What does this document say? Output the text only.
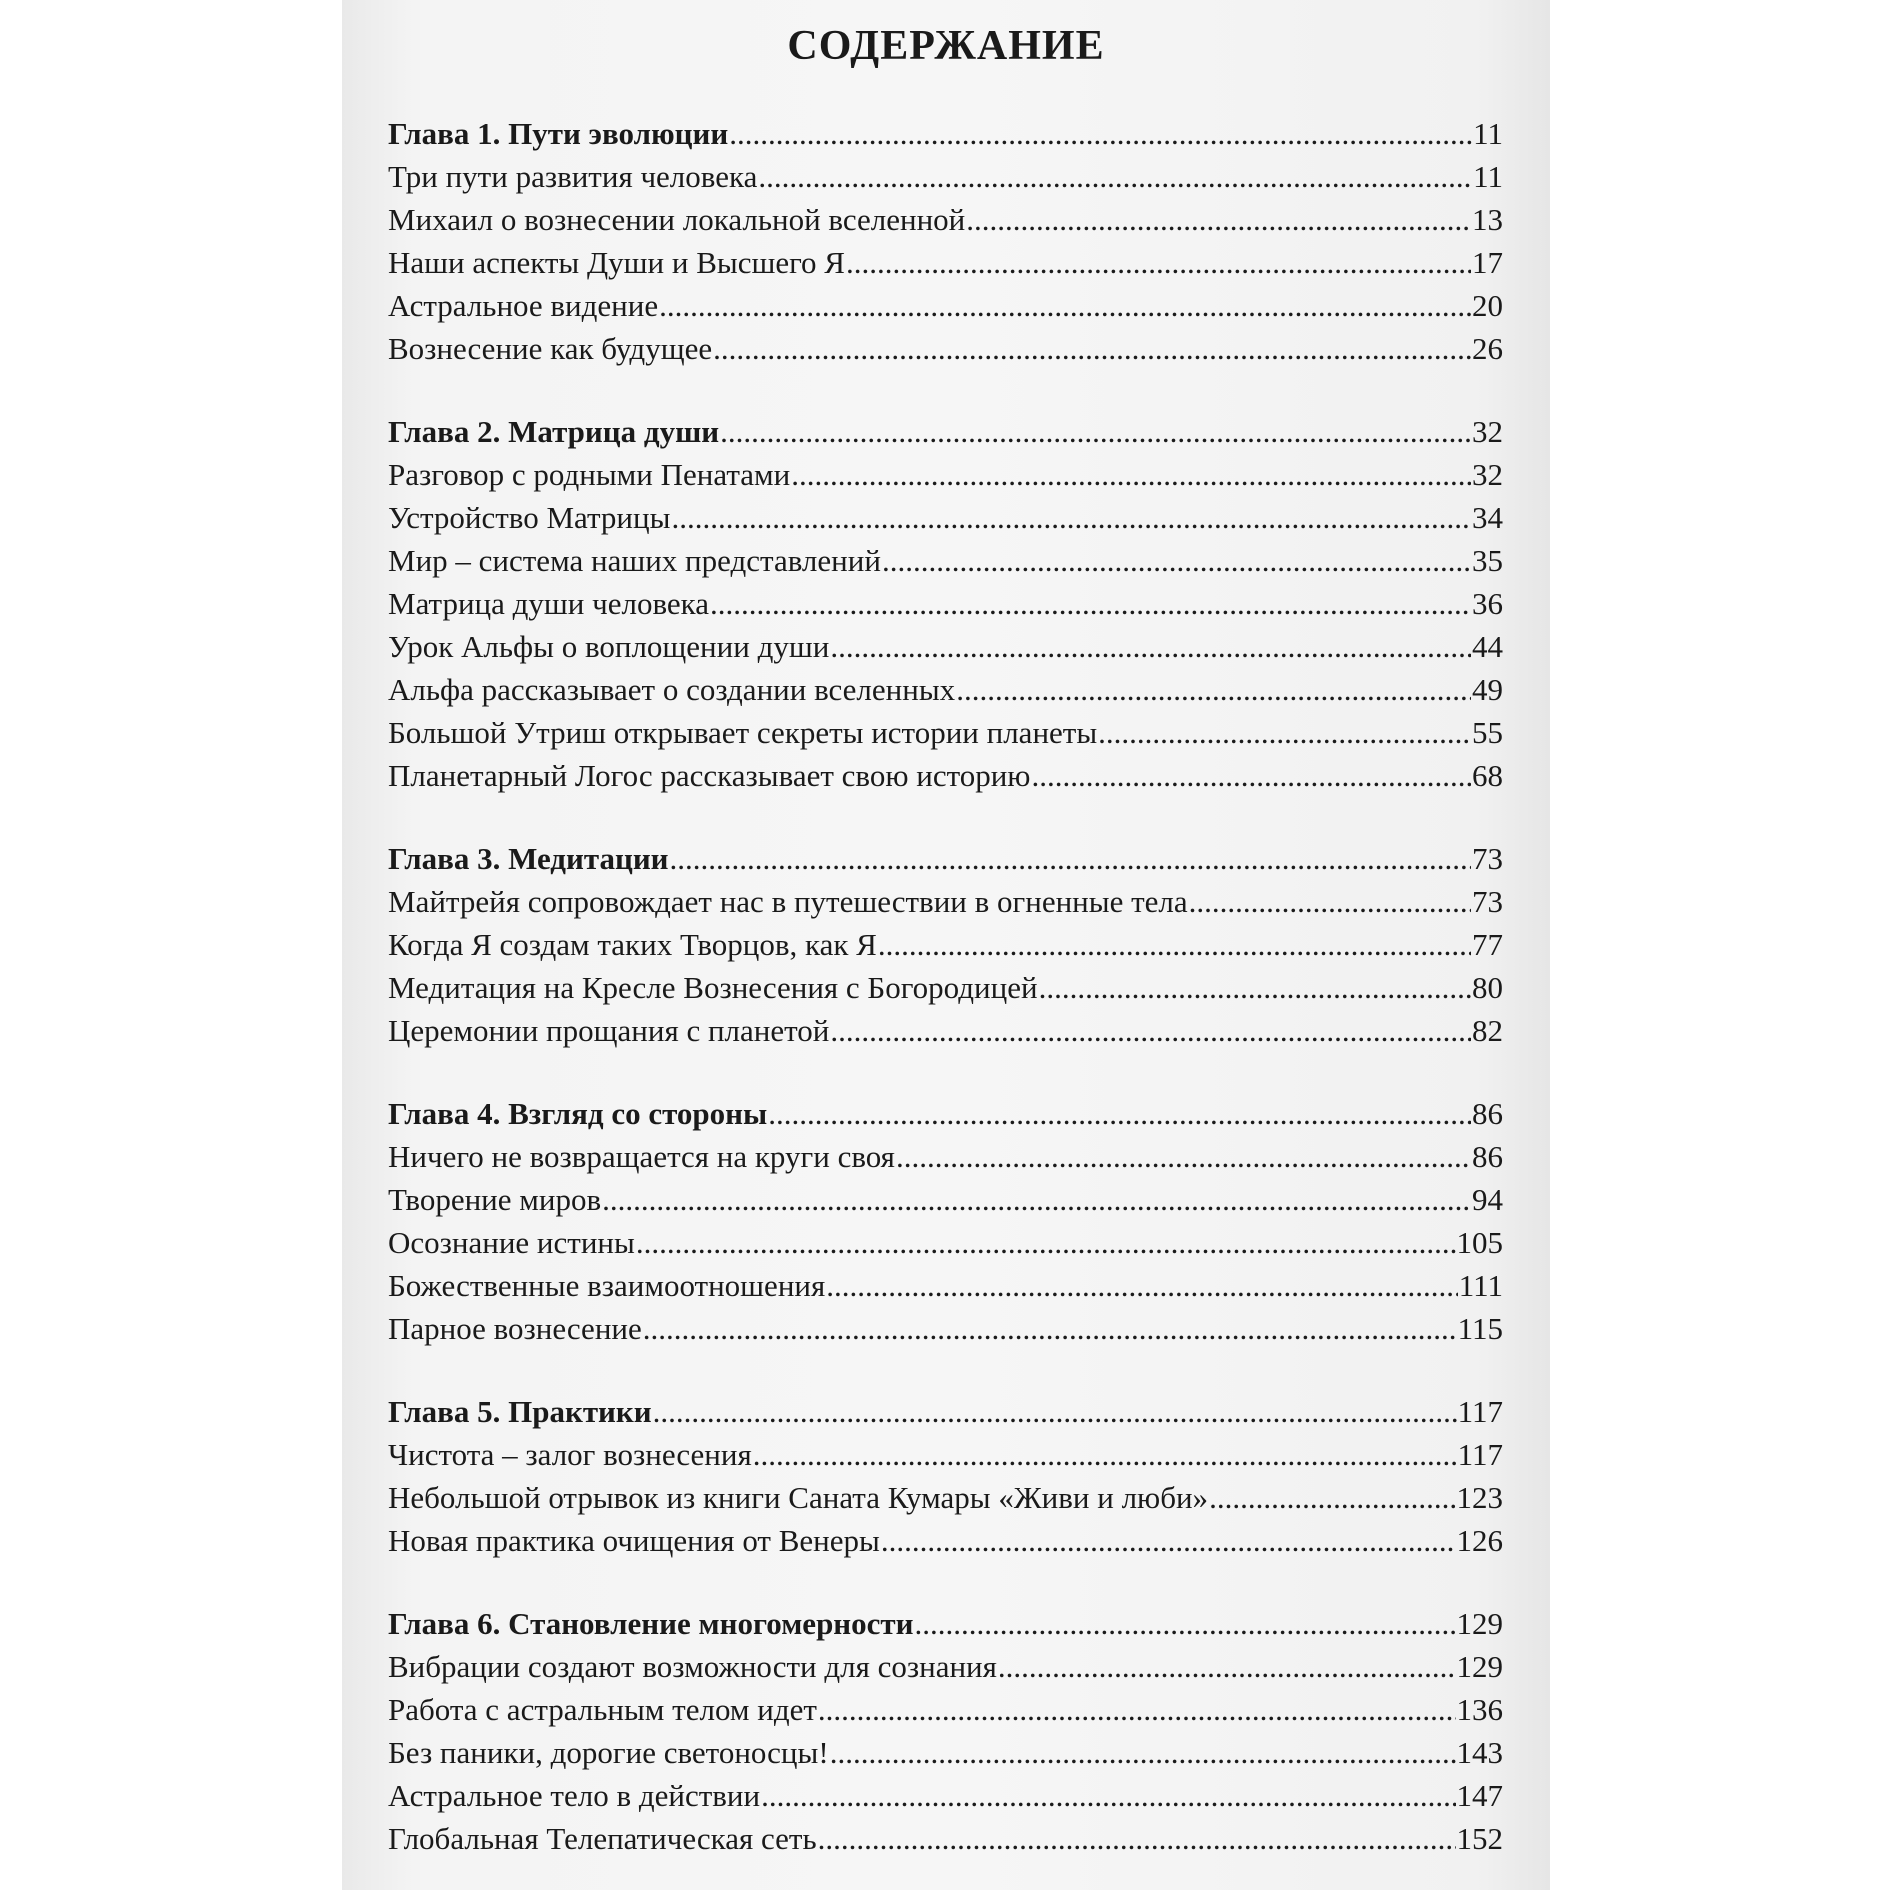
СОДЕРЖАНИЕ
Глава 1. Пути эволюции .....	11
Три пути развития человека .....	11
Михаил о вознесении локальной вселенной .....	13
Наши аспекты Души и Высшего Я .....	17
Астральное видение .....	20
Вознесение как будущее .....	26
Глава 2. Матрица души .....	32
Разговор с родными Пенатами .....	32
Устройство Матрицы .....	34
Мир – система наших представлений .....	35
Матрица души человека .....	36
Урок Альфы о воплощении души .....	44
Альфа рассказывает о создании вселенных .....	49
Большой Утриш открывает секреты истории планеты .....	55
Планетарный Логос рассказывает свою историю .....	68
Глава 3. Медитации .....	73
Майтрейя сопровождает нас в путешествии в огненные тела .....	73
Когда Я создам таких Творцов, как Я .....	77
Медитация на Кресле Вознесения с Богородицей .....	80
Церемонии прощания с планетой .....	82
Глава 4. Взгляд со стороны .....	86
Ничего не возвращается на круги своя .....	86
Творение миров .....	94
Осознание истины .....	105
Божественные взаимоотношения .....	111
Парное вознесение .....	115
Глава 5. Практики .....	117
Чистота – залог вознесения .....	117
Небольшой отрывок из книги Саната Кумары «Живи и люби» .....	123
Новая практика очищения от Венеры .....	126
Глава 6. Становление многомерности .....	129
Вибрации создают возможности для сознания .....	129
Работа с астральным телом идет .....	136
Без паники, дорогие светоносцы! .....	143
Астральное тело в действии .....	147
Глобальная Телепатическая сеть .....	152
